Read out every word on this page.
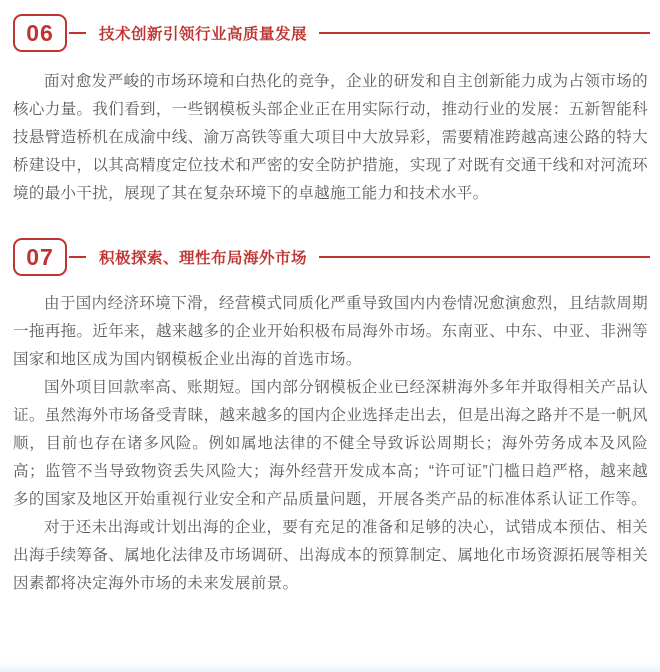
06	技术创新引领行业高质量发展

面对愈发严峻的市场环境和白热化的竞争，企业的研发和自主创新能力成为占领市场的核心力量。我们看到，一些钢模板头部企业正在用实际行动，推动行业的发展：五新智能科技悬臂造桥机在成渝中线、渝万高铁等重大项目中大放异彩，需要精准跨越高速公路的特大桥建设中，以其高精度定位技术和严密的安全防护措施，实现了对既有交通干线和对河流环境的最小干扰，展现了其在复杂环境下的卓越施工能力和技术水平。

07	积极探索、理性布局海外市场

由于国内经济环境下滑，经营模式同质化严重导致国内内卷情况愈演愈烈，且结款周期一拖再拖。近年来，越来越多的企业开始积极布局海外市场。东南亚、中东、中亚、非洲等国家和地区成为国内钢模板企业出海的首选市场。

国外项目回款率高、账期短。国内部分钢模板企业已经深耕海外多年并取得相关产品认证。虽然海外市场备受青睐，越来越多的国内企业选择走出去，但是出海之路并不是一帆风顺，目前也存在诸多风险。例如属地法律的不健全导致诉讼周期长；海外劳务成本及风险高；监管不当导致物资丢失风险大；海外经营开发成本高；“许可证”门槛日趋严格，越来越多的国家及地区开始重视行业安全和产品质量问题，开展各类产品的标准体系认证工作等。

对于还未出海或计划出海的企业，要有充足的准备和足够的决心，试错成本预估、相关出海手续筹备、属地化法律及市场调研、出海成本的预算制定、属地化市场资源拓展等相关因素都将决定海外市场的未来发展前景。
